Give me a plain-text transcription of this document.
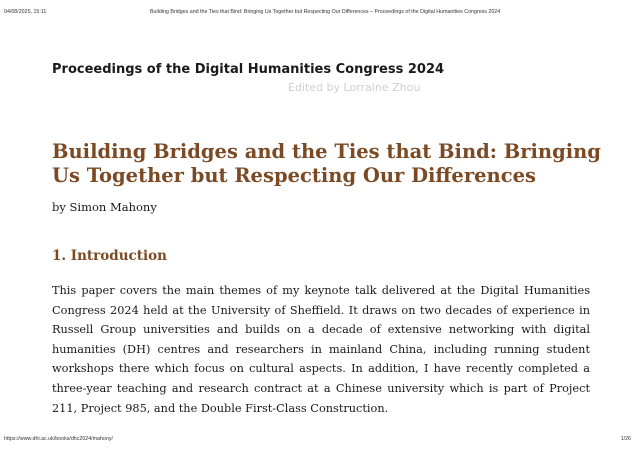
04/08/2025, 15:11	Building Bridges and the Ties that Bind: Bringing Us Together but Respecting Our Differences – Proceedings of the Digital Humanities Congress 2024
Proceedings of the Digital Humanities Congress 2024
Edited by Lorraine Zhou
Building Bridges and the Ties that Bind: Bringing Us Together but Respecting Our Differences
by Simon Mahony
1. Introduction

This paper covers the main themes of my keynote talk delivered at the Digital Humanities Congress 2024 held at the University of Sheffield. It draws on two decades of experience in Russell Group universities and builds on a decade of extensive networking with digital humanities (DH) centres and researchers in mainland China, including running student workshops there which focus on cultural aspects. In addition, I have recently completed a three-year teaching and research contract at a Chinese university which is part of Project 211, Project 985, and the Double First-Class Construction.

https://www.dhi.ac.uk/books/dhc2024/mahony/	1/26
